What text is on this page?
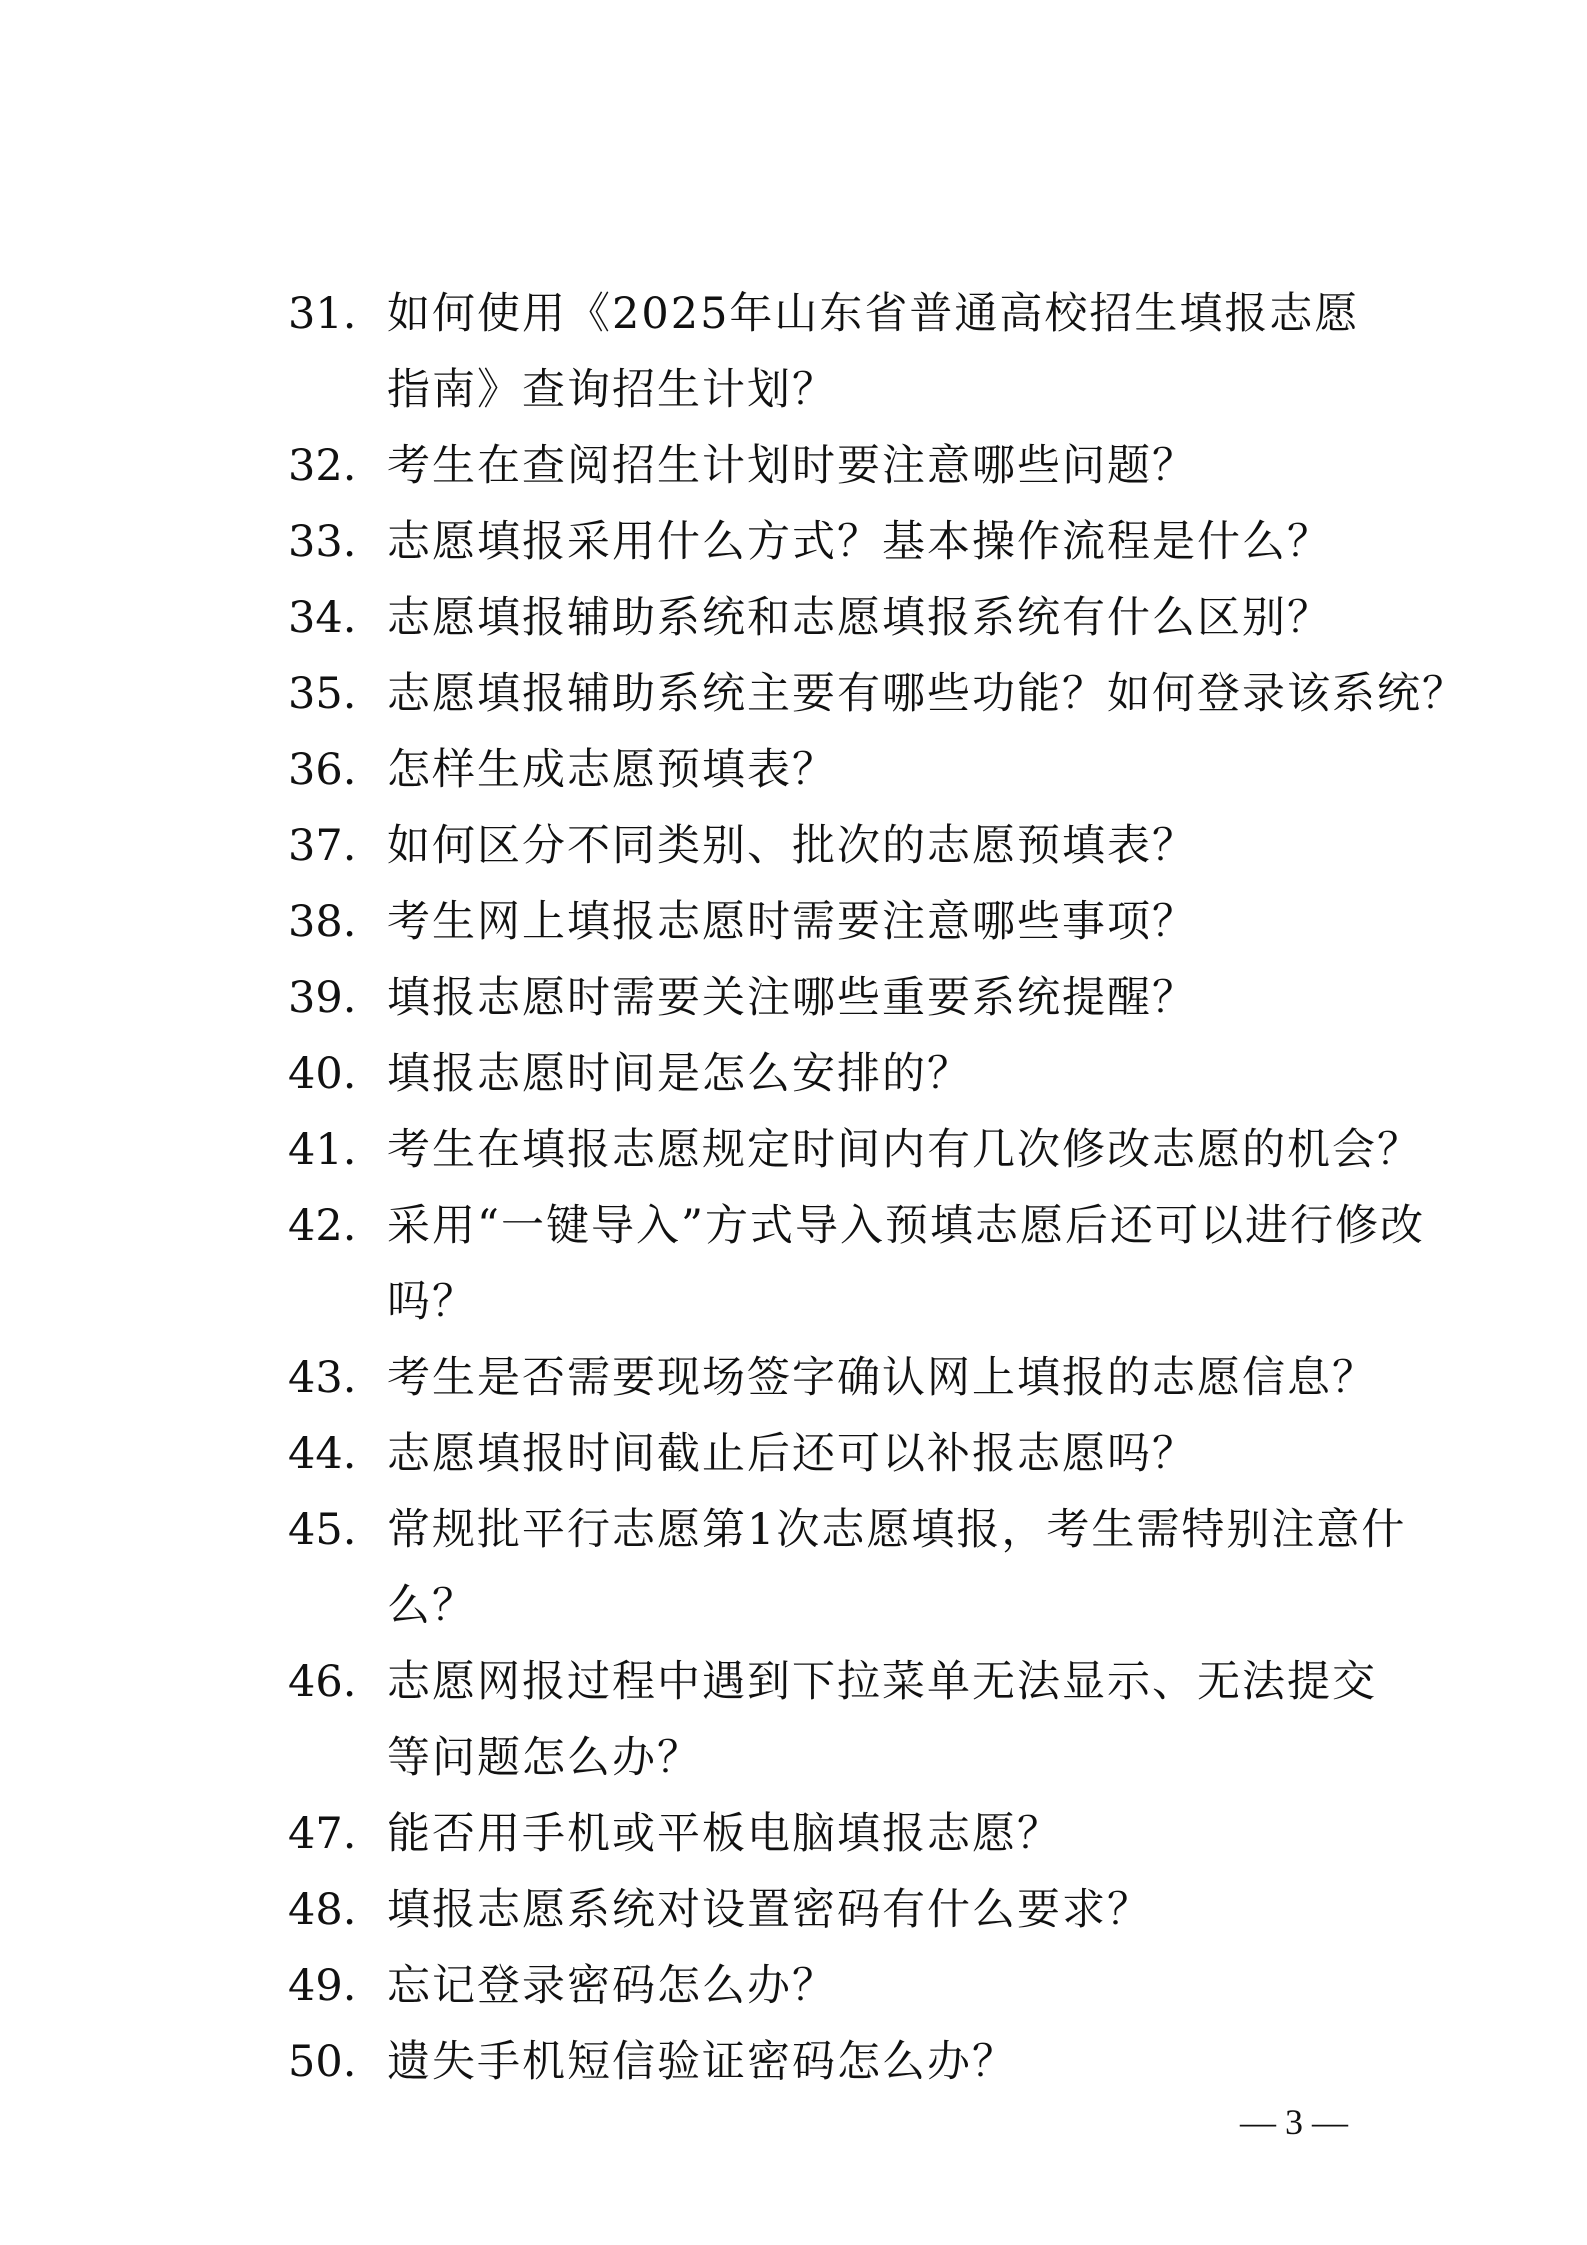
31. 如何使用《2025年山东省普通高校招生填报志愿指南》查询招生计划？
32. 考生在查阅招生计划时要注意哪些问题？
33. 志愿填报采用什么方式？基本操作流程是什么？
34. 志愿填报辅助系统和志愿填报系统有什么区别？
35. 志愿填报辅助系统主要有哪些功能？如何登录该系统？
36. 怎样生成志愿预填表？
37. 如何区分不同类别、批次的志愿预填表？
38. 考生网上填报志愿时需要注意哪些事项？
39. 填报志愿时需要关注哪些重要系统提醒？
40. 填报志愿时间是怎么安排的？
41. 考生在填报志愿规定时间内有几次修改志愿的机会？
42. 采用“一键导入”方式导入预填志愿后还可以进行修改吗？
43. 考生是否需要现场签字确认网上填报的志愿信息？
44. 志愿填报时间截止后还可以补报志愿吗？
45. 常规批平行志愿第1次志愿填报，考生需特别注意什么？
46. 志愿网报过程中遇到下拉菜单无法显示、无法提交等问题怎么办？
47. 能否用手机或平板电脑填报志愿？
48. 填报志愿系统对设置密码有什么要求？
49. 忘记登录密码怎么办？
50. 遗失手机短信验证密码怎么办？
— 3 —
